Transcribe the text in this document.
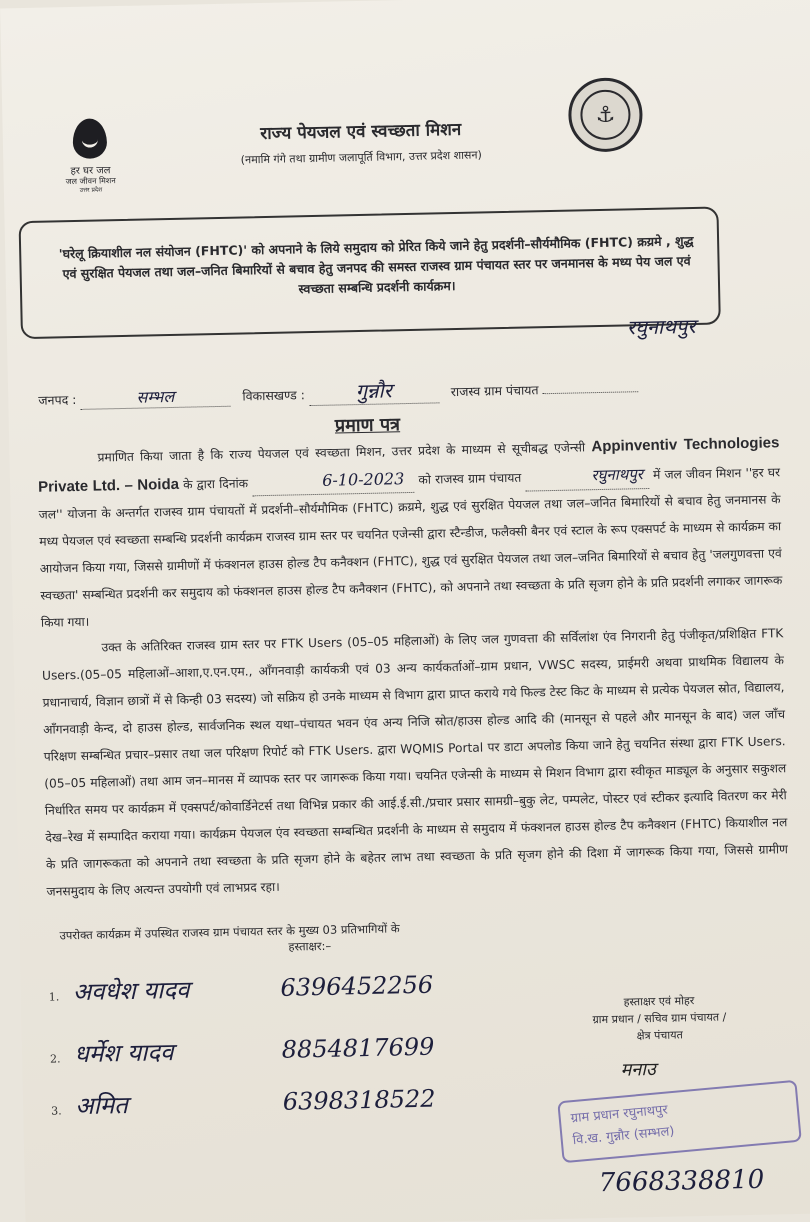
हर घर जल
जल जीवन मिशन
उत्तर प्रदेश
राज्य पेयजल एवं स्वच्छता मिशन
(नमामि गंगे तथा ग्रामीण जलापूर्ति विभाग, उत्तर प्रदेश शासन)
⚓
'घरेलू क्रियाशील नल संयोजन (FHTC)' को अपनाने के लिये समुदाय को प्रेरित किये जाने हेतु प्रदर्शनी–सौर्यमौमिक (FHTC) क्रय्रमे , शुद्ध एवं सुरक्षित पेयजल तथा जल–जनित बिमारियों से बचाव हेतु जनपद की समस्त राजस्व ग्राम पंचायत स्तर पर जनमानस के मध्य पेय जल एवं स्वच्छता सम्बन्धि प्रदर्शनी कार्यक्रम।
जनपद :	सम्भल	विकासखण्ड :	गुन्नौर	राजस्व ग्राम पंचायत
रघुनाथपुर
प्रमाण पत्र
प्रमाणित किया जाता है कि राज्य पेयजल एवं स्वच्छता मिशन, उत्तर प्रदेश के माध्यम से सूचीबद्ध एजेन्सी Appinventiv Technologies Private Ltd. – Noida के द्वारा दिनांक	6-10-2023 को राजस्व ग्राम पंचायत	रघुनाथपुर में जल जीवन मिशन ''हर घर जल'' योजना के अन्तर्गत राजस्व ग्राम पंचायतों में प्रदर्शनी–सौर्यमौमिक (FHTC) क्रय्रमे, शुद्ध एवं सुरक्षित पेयजल तथा जल–जनित बिमारियों से बचाव हेतु जनमानस के मध्य पेयजल एवं स्वच्छता सम्बन्धि प्रदर्शनी कार्यक्रम राजस्व ग्राम स्तर पर चयनित एजेन्सी द्वारा स्टैन्डीज, फलैक्सी बैनर एवं स्टाल के रूप एक्सपर्ट के माध्यम से कार्यक्रम का आयोजन किया गया, जिससे ग्रामीणों में फंक्शनल हाउस होल्ड टैप कनैक्शन (FHTC), शुद्ध एवं सुरक्षित पेयजल तथा जल–जनित बिमारियों से बचाव हेतु 'जलगुणवत्ता एवं स्वच्छता' सम्बन्धित प्रदर्शनी कर समुदाय को फंक्शनल हाउस होल्ड टैप कनैक्शन (FHTC), को अपनाने तथा स्वच्छता के प्रति सृजग होने के प्रति प्रदर्शनी लगाकर जागरूक किया गया।
उक्त के अतिरिक्त राजस्व ग्राम स्तर पर FTK Users (05–05 महिलाओं) के लिए जल गुणवत्ता की सर्विलांश एंव निगरानी हेतु पंजीकृत/प्रशिक्षित FTK Users.(05–05 महिलाओं–आशा,ए.एन.एम., आँगनवाड़ी कार्यकत्री एवं 03 अन्य कार्यकर्ताओं–ग्राम प्रधान, VWSC सदस्य, प्राईमरी अथवा प्राथमिक विद्यालय के प्रधानाचार्य, विज्ञान छात्रों में से किन्ही 03 सदस्य) जो सक्रिय हो उनके माध्यम से विभाग द्वारा प्राप्त कराये गये फिल्ड टेस्ट किट के माध्यम से प्रत्येक पेयजल स्रोत, विद्यालय, आँगनवाड़ी केन्द, दो हाउस होल्ड, सार्वजनिक स्थल यथा–पंचायत भवन एंव अन्य निजि स्रोत/हाउस होल्ड आदि की (मानसून से पहले और मानसून के बाद) जल जाँच परिक्षण सम्बन्धित प्रचार–प्रसार तथा जल परिक्षण रिपोर्ट को FTK Users. द्वारा WQMIS Portal पर डाटा अपलोड किया जाने हेतु चयनित संस्था द्वारा FTK Users.(05–05 महिलाओं) तथा आम जन–मानस में व्यापक स्तर पर जागरूक किया गया। चयनित एजेन्सी के माध्यम से मिशन विभाग द्वारा स्वीकृत माड्यूल के अनुसार सकुशल निर्धारित समय पर कार्यक्रम में एक्सपर्ट/कोवार्डिनेटर्स तथा विभिन्न प्रकार की आई.ई.सी./प्रचार प्रसार सामग्री–बुकु लेट, पम्पलेट, पोस्टर एवं स्टीकर इत्यादि वितरण कर मेरी देख–रेख में सम्पादित कराया गया। कार्यक्रम पेयजल एंव स्वच्छता सम्बन्धित प्रदर्शनी के माध्यम से समुदाय में फंक्शनल हाउस होल्ड टैप कनैक्शन (FHTC) कियाशील नल के प्रति जागरूकता को अपनाने तथा स्वच्छता के प्रति सृजग होने के बहेतर लाभ तथा स्वच्छता के प्रति सृजग होने की दिशा में जागरूक किया गया, जिससे ग्रामीण जनसमुदाय के लिए अत्यन्त उपयोगी एवं लाभप्रद रहा।
उपरोक्त कार्यक्रम में उपस्थित राजस्व ग्राम पंचायत स्तर के मुख्य 03 प्रतिभागियों के
हस्ताक्षर:–
1. अवधेश यादव	6396452256
2. धर्मेश यादव	8854817699
3. अमित	6398318522
हस्ताक्षर एवं मोहर
ग्राम प्रधान / सचिव ग्राम पंचायत /
क्षेत्र पंचायत
मनाउ
ग्राम प्रधान रघुनाथपुर
वि.ख. गुन्नौर (सम्भल)
7668338810
